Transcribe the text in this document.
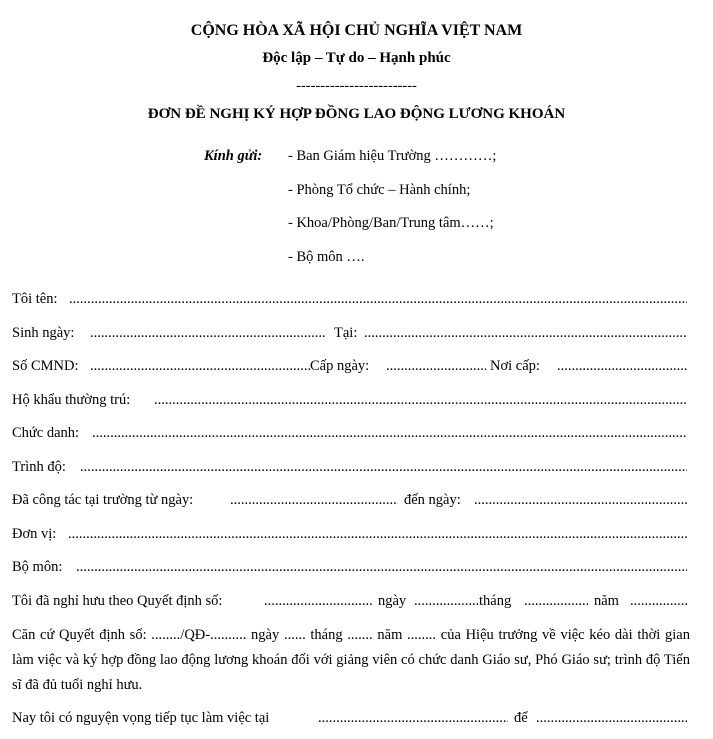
CỘNG HÒA XÃ HỘI CHỦ NGHĨA VIỆT NAM
Độc lập – Tự do – Hạnh phúc
-------------------------
ĐƠN ĐỀ NGHỊ KÝ HỢP ĐỒNG LAO ĐỘNG LƯƠNG KHOÁN
Kính gửi: - Ban Giám hiệu Trường …………;
- Phòng Tổ chức – Hành chính;
- Khoa/Phòng/Ban/Trung tâm……;
- Bộ môn ….
Tôi tên:
.....
Sinh ngày: .....	Tại:
.....
Số CMND: .....	Cấp ngày: .....	Nơi cấp:
.....
Hộ khẩu thường trú:
.....
Chức danh:
.....
Trình độ:
.....
Đã công tác tại trường từ ngày: .....	đến ngày:
.....
Đơn vị:
.....
Bộ môn:
.....
Tôi đã nghỉ hưu theo Quyết định số: .....	ngày .....	tháng .....	năm
.....
Căn cứ Quyết định số: ......../QĐ-.......... ngày ...... tháng ....... năm ........ của Hiệu trưởng về việc kéo dài thời gian làm việc và ký hợp đồng lao động lương khoán đối với giảng viên có chức danh Giáo sư, Phó Giáo sư; trình độ Tiến sĩ đã đủ tuổi nghỉ hưu.
Nay tôi có nguyện vọng tiếp tục làm việc tại .....	để
.....
